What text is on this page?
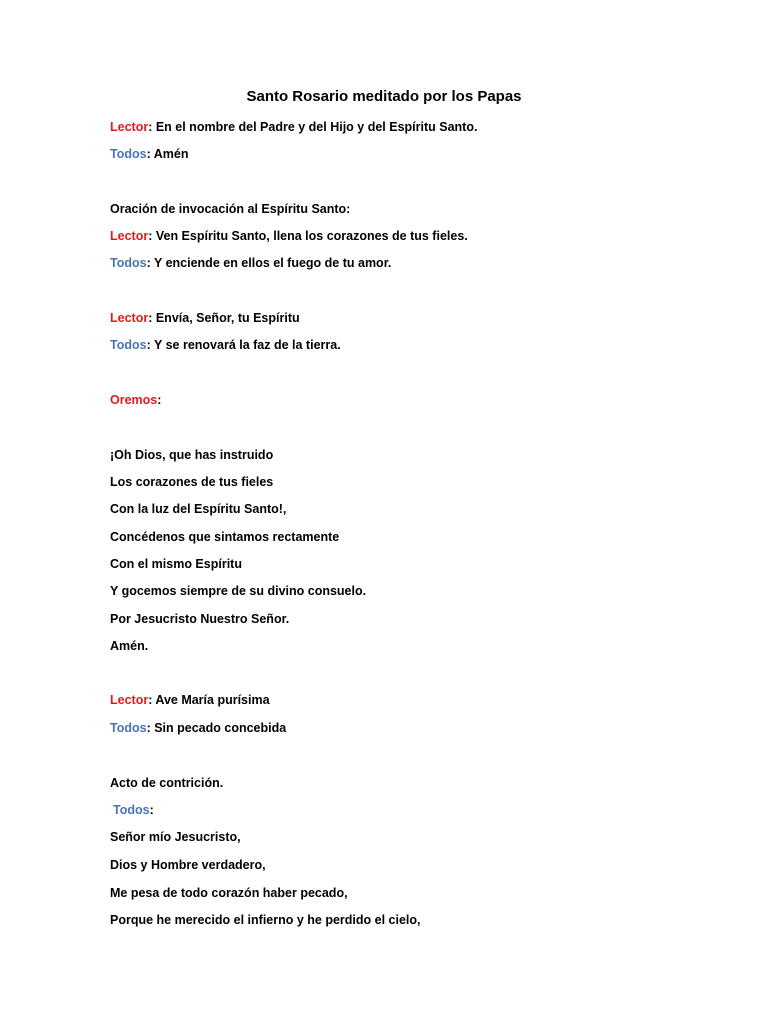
Santo Rosario meditado por los Papas
Lector: En el nombre del Padre y del Hijo y del Espíritu Santo.
Todos: Amén
Oración de invocación al Espíritu Santo:
Lector: Ven Espíritu Santo, llena los corazones de tus fieles.
Todos: Y enciende en ellos el fuego de tu amor.
Lector: Envía, Señor, tu Espíritu
Todos: Y se renovará la faz de la tierra.
Oremos:
¡Oh Dios, que has instruido
Los corazones de tus fieles
Con la luz del Espíritu Santo!,
Concédenos que sintamos rectamente
Con el mismo Espíritu
Y gocemos siempre de su divino consuelo.
Por Jesucristo Nuestro Señor.
Amén.
Lector: Ave María purísima
Todos: Sin pecado concebida
Acto de contrición.
Todos:
Señor mío Jesucristo,
Dios y Hombre verdadero,
Me pesa de todo corazón haber pecado,
Porque he merecido el infierno y he perdido el cielo,
